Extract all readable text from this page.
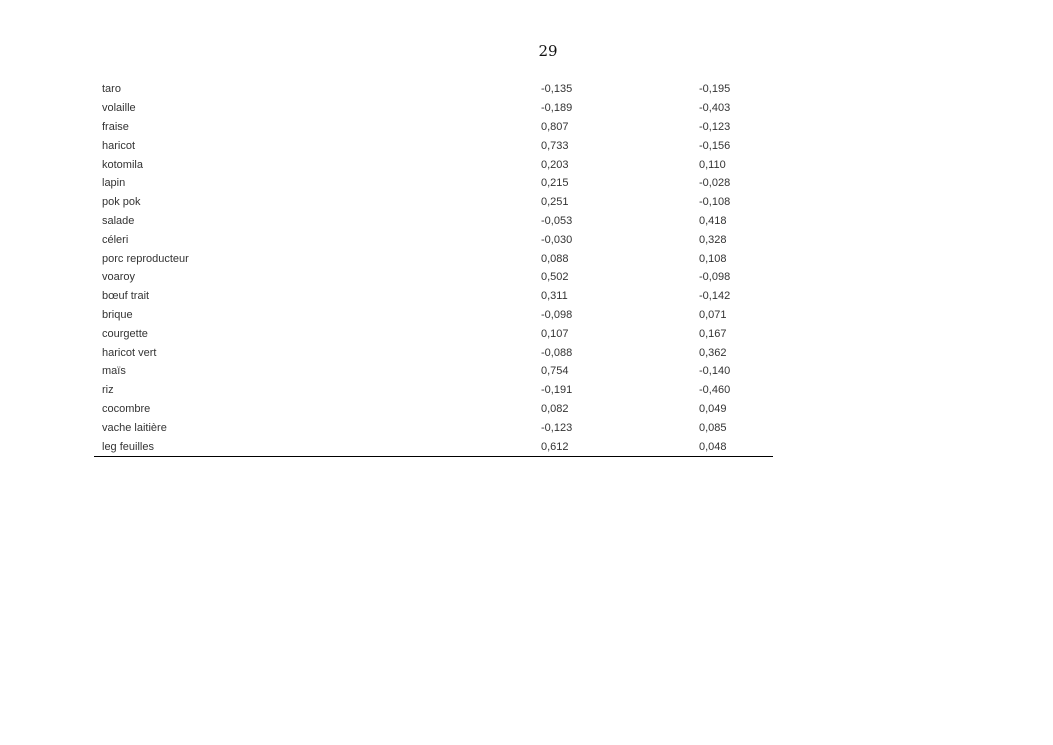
29
taro	-0,135	-0,195
volaille	-0,189	-0,403
fraise	0,807	-0,123
haricot	0,733	-0,156
kotomila	0,203	0,110
lapin	0,215	-0,028
pok pok	0,251	-0,108
salade	-0,053	0,418
céleri	-0,030	0,328
porc reproducteur	0,088	0,108
voaroy	0,502	-0,098
bœuf trait	0,311	-0,142
brique	-0,098	0,071
courgette	0,107	0,167
haricot vert	-0,088	0,362
maïs	0,754	-0,140
riz	-0,191	-0,460
cocombre	0,082	0,049
vache laitière	-0,123	0,085
leg feuilles	0,612	0,048
